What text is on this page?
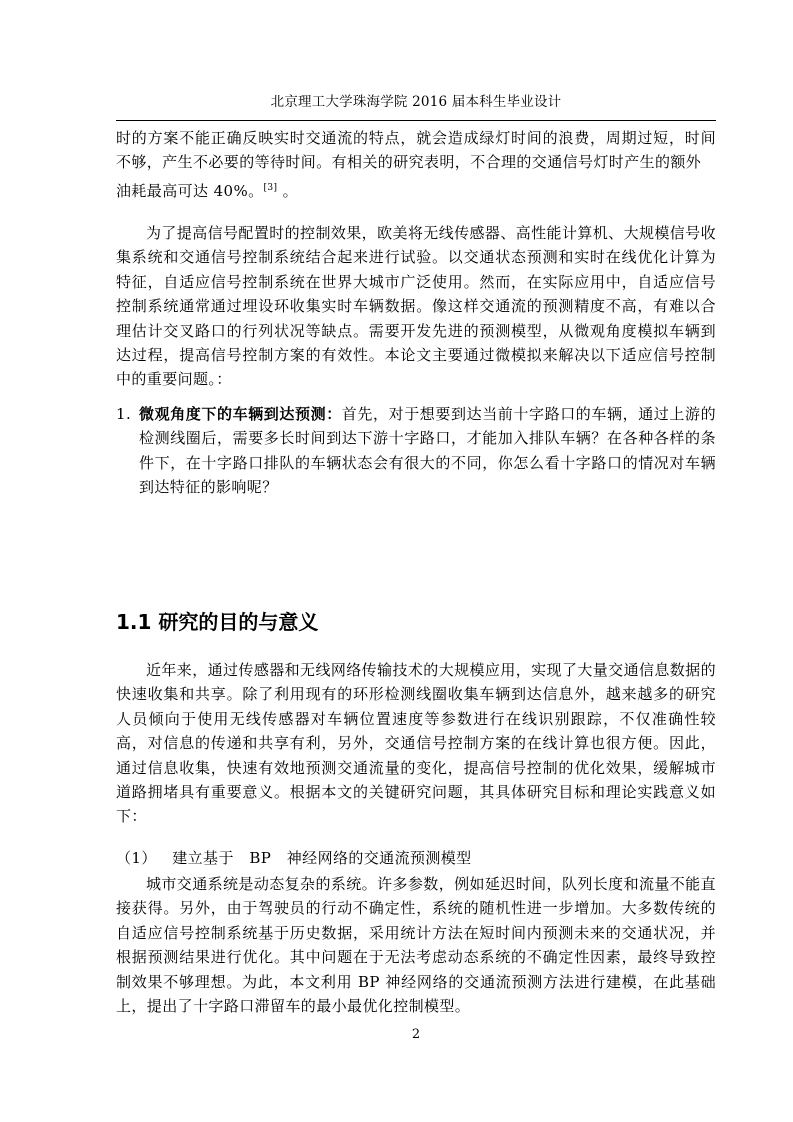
北京理工大学珠海学院 2016 届本科生毕业设计
时的方案不能正确反映实时交通流的特点，就会造成绿灯时间的浪费，周期过短，时间不够，产生不必要的等待时间。有相关的研究表明，不合理的交通信号灯时产生的额外
油耗最高可达 40%。[3] 。
为了提高信号配置时的控制效果，欧美将无线传感器、高性能计算机、大规模信号收集系统和交通信号控制系统结合起来进行试验。以交通状态预测和实时在线优化计算为特征，自适应信号控制系统在世界大城市广泛使用。然而，在实际应用中，自适应信号控制系统通常通过埋设环收集实时车辆数据。像这样交通流的预测精度不高，有难以合理估计交叉路口的行列状况等缺点。需要开发先进的预测模型，从微观角度模拟车辆到达过程，提高信号控制方案的有效性。本论文主要通过微模拟来解决以下适应信号控制中的重要问题。：
1. 微观角度下的车辆到达预测：首先，对于想要到达当前十字路口的车辆，通过上游的检测线圈后，需要多长时间到达下游十字路口，才能加入排队车辆？在各种各样的条件下，在十字路口排队的车辆状态会有很大的不同，你怎么看十字路口的情况对车辆到达特征的影响呢？
1.1 研究的目的与意义
近年来，通过传感器和无线网络传输技术的大规模应用，实现了大量交通信息数据的快速收集和共享。除了利用现有的环形检测线圈收集车辆到达信息外，越来越多的研究人员倾向于使用无线传感器对车辆位置速度等参数进行在线识别跟踪，不仅准确性较高，对信息的传递和共享有利，另外，交通信号控制方案的在线计算也很方便。因此，通过信息收集，快速有效地预测交通流量的变化，提高信号控制的优化效果，缓解城市道路拥堵具有重要意义。根据本文的关键研究问题，其具体研究目标和理论实践意义如下：
（1）   建立基于   BP   神经网络的交通流预测模型
城市交通系统是动态复杂的系统。许多参数，例如延迟时间，队列长度和流量不能直接获得。另外，由于驾驶员的行动不确定性，系统的随机性进一步增加。大多数传统的自适应信号控制系统基于历史数据，采用统计方法在短时间内预测未来的交通状况，并根据预测结果进行优化。其中问题在于无法考虑动态系统的不确定性因素，最终导致控制效果不够理想。为此，本文利用 BP 神经网络的交通流预测方法进行建模，在此基础上，提出了十字路口滞留车的最小最优化控制模型。
2
